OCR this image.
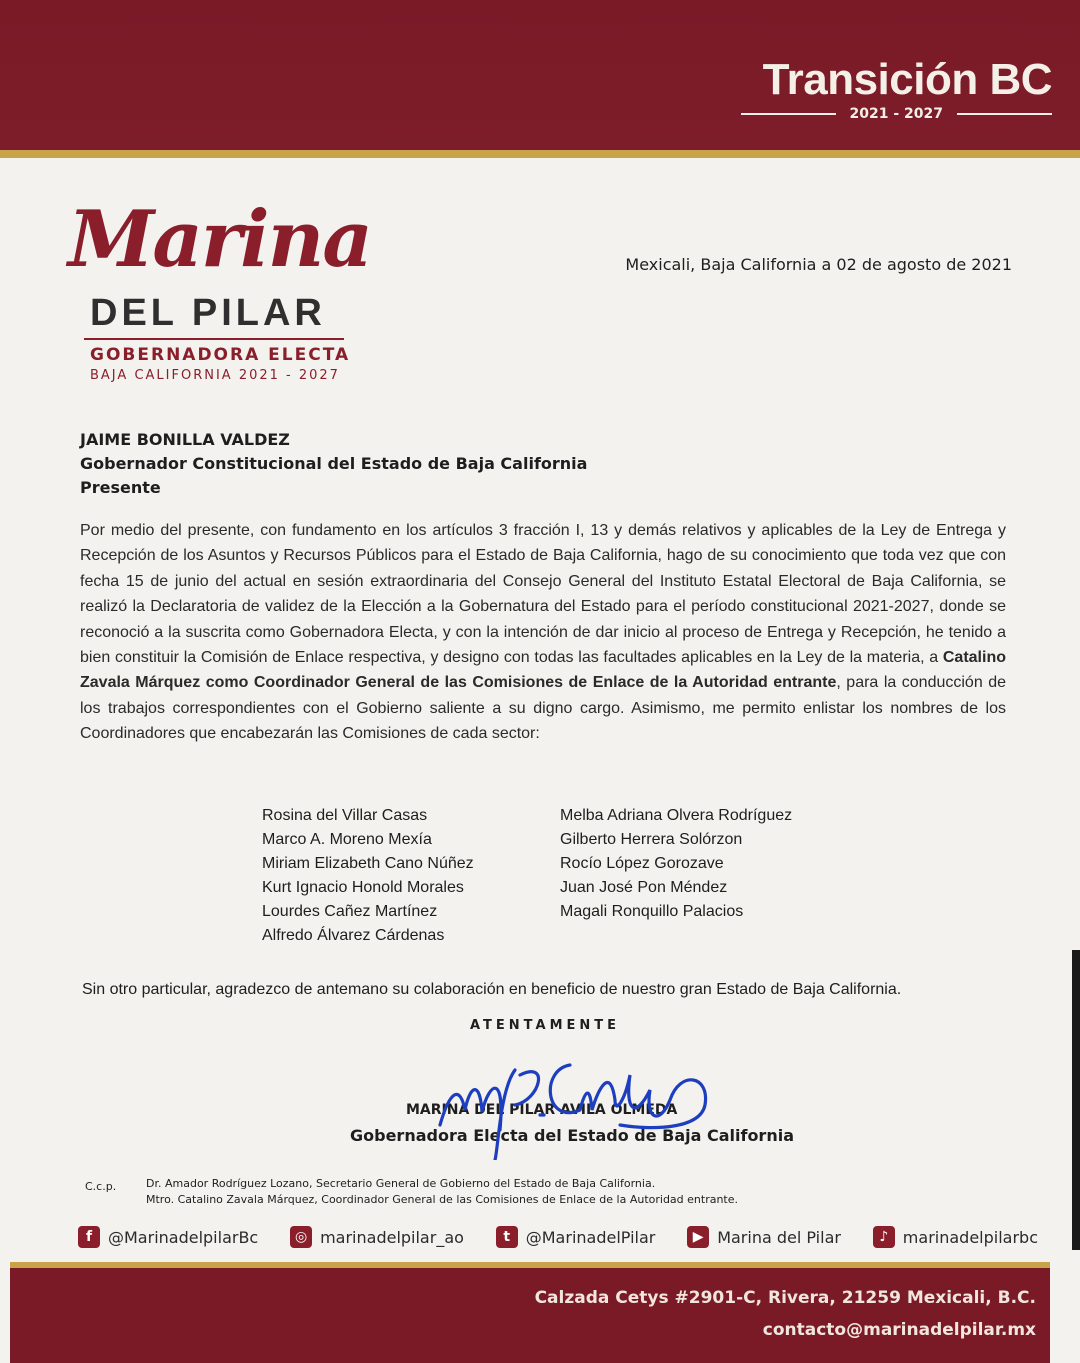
Transición BC
2021 - 2027
Marina
DEL PILAR
GOBERNADORA ELECTA
BAJA CALIFORNIA 2021 - 2027
Mexicali, Baja California a 02 de agosto de 2021
JAIME BONILLA VALDEZ
Gobernador Constitucional del Estado de Baja California
Presente
Por medio del presente, con fundamento en los artículos 3 fracción I, 13 y demás relativos y aplicables de la Ley de Entrega y Recepción de los Asuntos y Recursos Públicos para el Estado de Baja California, hago de su conocimiento que toda vez que con fecha 15 de junio del actual en sesión extraordinaria del Consejo General del Instituto Estatal Electoral de Baja California, se realizó la Declaratoria de validez de la Elección a la Gobernatura del Estado para el período constitucional 2021-2027, donde se reconoció a la suscrita como Gobernadora Electa, y con la intención de dar inicio al proceso de Entrega y Recepción, he tenido a bien constituir la Comisión de Enlace respectiva, y designo con todas las facultades aplicables en la Ley de la materia, a Catalino Zavala Márquez como Coordinador General de las Comisiones de Enlace de la Autoridad entrante, para la conducción de los trabajos correspondientes con el Gobierno saliente a su digno cargo. Asimismo, me permito enlistar los nombres de los Coordinadores que encabezarán las Comisiones de cada sector:
Rosina del Villar Casas
Marco A. Moreno Mexía
Miriam Elizabeth Cano Núñez
Kurt Ignacio Honold Morales
Lourdes Cañez Martínez
Alfredo Álvarez Cárdenas
Melba Adriana Olvera Rodríguez
Gilberto Herrera Solórzon
Rocío López Gorozave
Juan José Pon Méndez
Magali Ronquillo Palacios
Sin otro particular, agradezco de antemano su colaboración en beneficio de nuestro gran Estado de Baja California.
ATENTAMENTE
MARINA DEL PILAR AVILA OLMEDA
Gobernadora Electa del Estado de Baja California
C.c.p.	Dr. Amador Rodríguez Lozano, Secretario General de Gobierno del Estado de Baja California.
Mtro. Catalino Zavala Márquez, Coordinador General de las Comisiones de Enlace de la Autoridad entrante.
f @MarinadelpilarBc	◎ marinadelpilar_ao	t @MarinadelPilar	▶ Marina del Pilar	♪ marinadelpilarbc
Calzada Cetys #2901-C, Rivera, 21259 Mexicali, B.C.
contacto@marinadelpilar.mx
